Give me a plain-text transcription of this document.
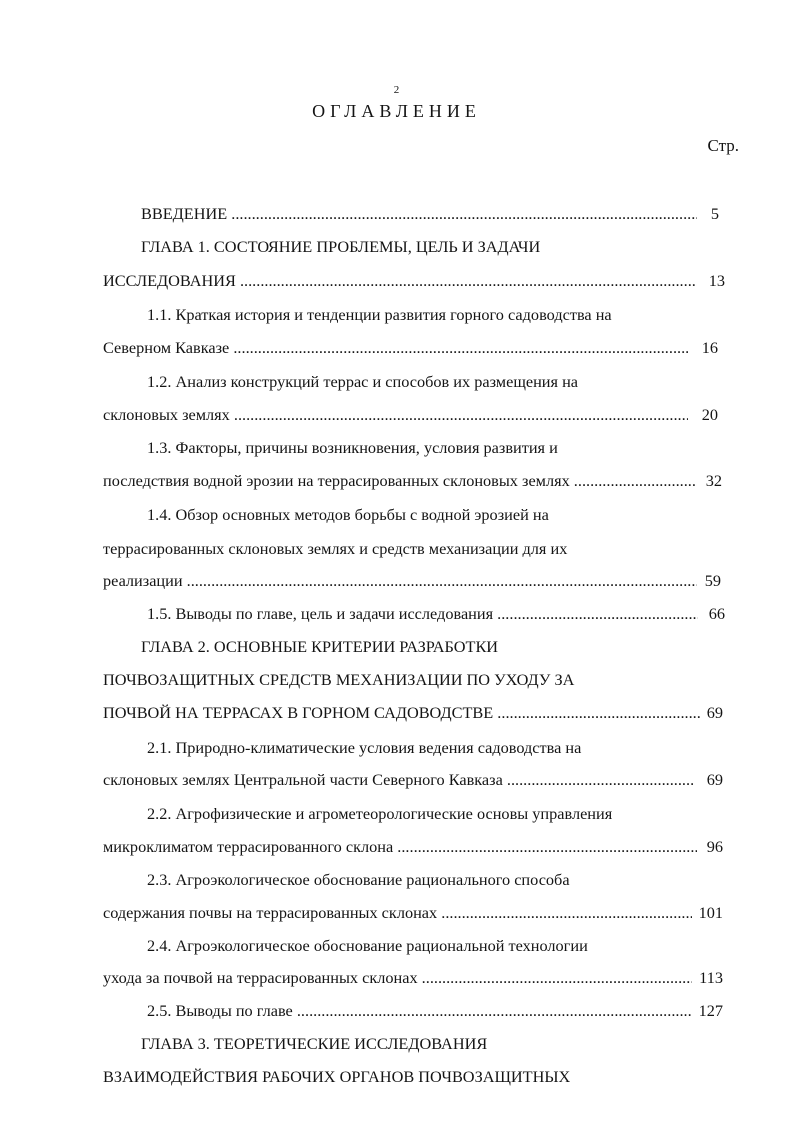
2
ОГЛАВЛЕНИЕ
Стр.
ВВЕДЕНИЕ .....	5
ГЛАВА 1. СОСТОЯНИЕ ПРОБЛЕМЫ, ЦЕЛЬ И ЗАДАЧИ
ИССЛЕДОВАНИЯ .....	13
1.1. Краткая история и тенденции развития горного садоводства на
Северном Кавказе .....	16
1.2. Анализ конструкций террас и способов их размещения на
склоновых землях .....	20
1.3. Факторы, причины возникновения, условия развития и
последствия водной эрозии на террасированных склоновых землях .....	32
1.4. Обзор основных методов борьбы с водной эрозией на
террасированных склоновых землях и средств механизации для их
реализации .....	59
1.5. Выводы по главе, цель и задачи исследования .....	66
ГЛАВА 2. ОСНОВНЫЕ КРИТЕРИИ РАЗРАБОТКИ
ПОЧВОЗАЩИТНЫХ СРЕДСТВ МЕХАНИЗАЦИИ ПО УХОДУ ЗА
ПОЧВОЙ НА ТЕРРАСАХ В ГОРНОМ САДОВОДСТВЕ .....	69
2.1. Природно-климатические условия ведения садоводства на
склоновых землях Центральной части Северного Кавказа .....	69
2.2. Агрофизические и агрометеорологические основы управления
микроклиматом террасированного склона .....	96
2.3. Агроэкологическое обоснование рационального способа
содержания почвы на террасированных склонах .....	101
2.4. Агроэкологическое обоснование рациональной технологии
ухода за почвой на террасированных склонах .....	113
2.5. Выводы по главе .....	127
ГЛАВА 3. ТЕОРЕТИЧЕСКИЕ ИССЛЕДОВАНИЯ
ВЗАИМОДЕЙСТВИЯ РАБОЧИХ ОРГАНОВ ПОЧВОЗАЩИТНЫХ
